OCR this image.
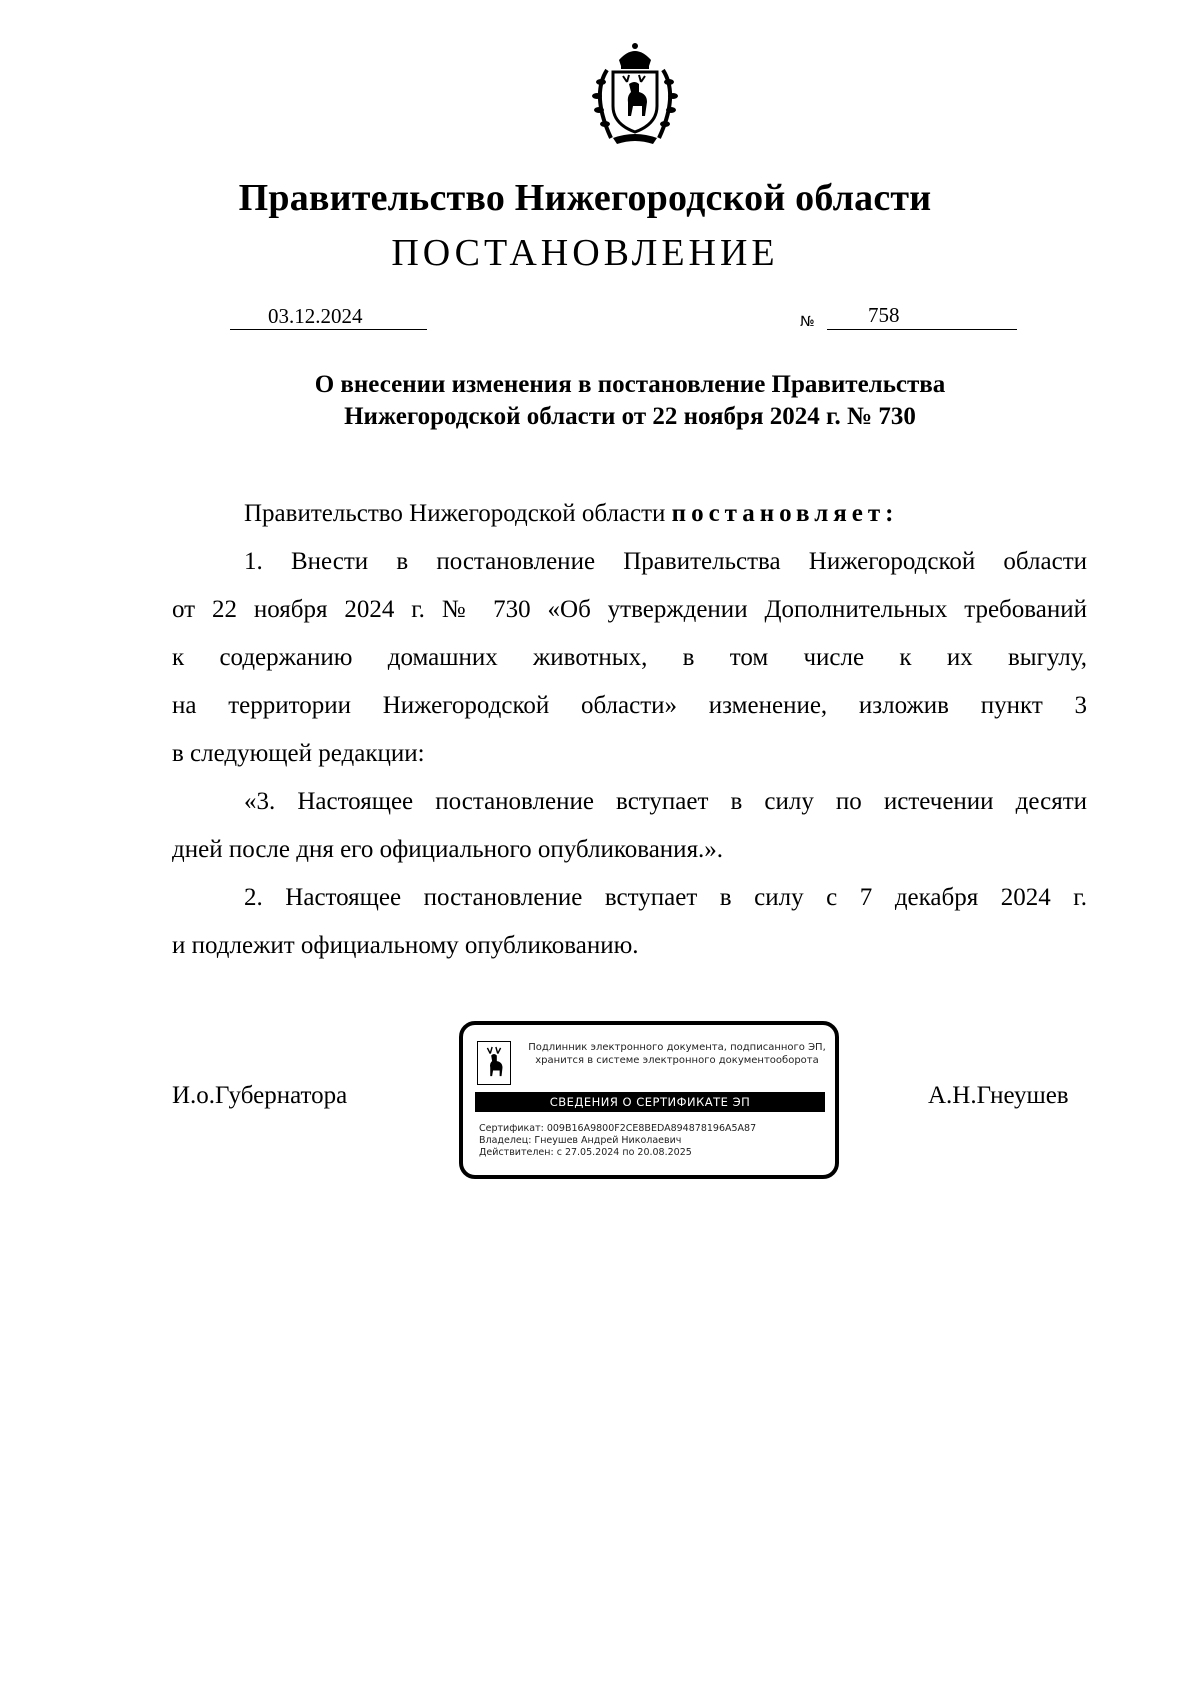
Правительство Нижегородской области
ПОСТАНОВЛЕНИЕ
03.12.2024	№	758
О внесении изменения в постановление Правительства
Нижегородской области от 22 ноября 2024 г. № 730

Правительство Нижегородской области постановляет:

1. Внести в постановление Правительства Нижегородской области

от 22 ноября 2024 г. № 730 «Об утверждении Дополнительных требований

к содержанию домашних животных, в том числе к их выгулу,

на территории Нижегородской области» изменение, изложив пункт 3

в следующей редакции:

«3. Настоящее постановление вступает в силу по истечении десяти

дней после дня его официального опубликования.».

2. Настоящее постановление вступает в силу с 7 декабря 2024 г.

и подлежит официальному опубликованию.

И.о.Губернатора	А.Н.Гнеушев
Подлинник электронного документа, подписанного ЭП,
хранится в системе электронного документооборота
СВЕДЕНИЯ О СЕРТИФИКАТЕ ЭП
Сертификат: 009B16A9800F2CE8BEDA894878196A5A87
Владелец: Гнеушев Андрей Николаевич
Действителен: с 27.05.2024 по 20.08.2025
